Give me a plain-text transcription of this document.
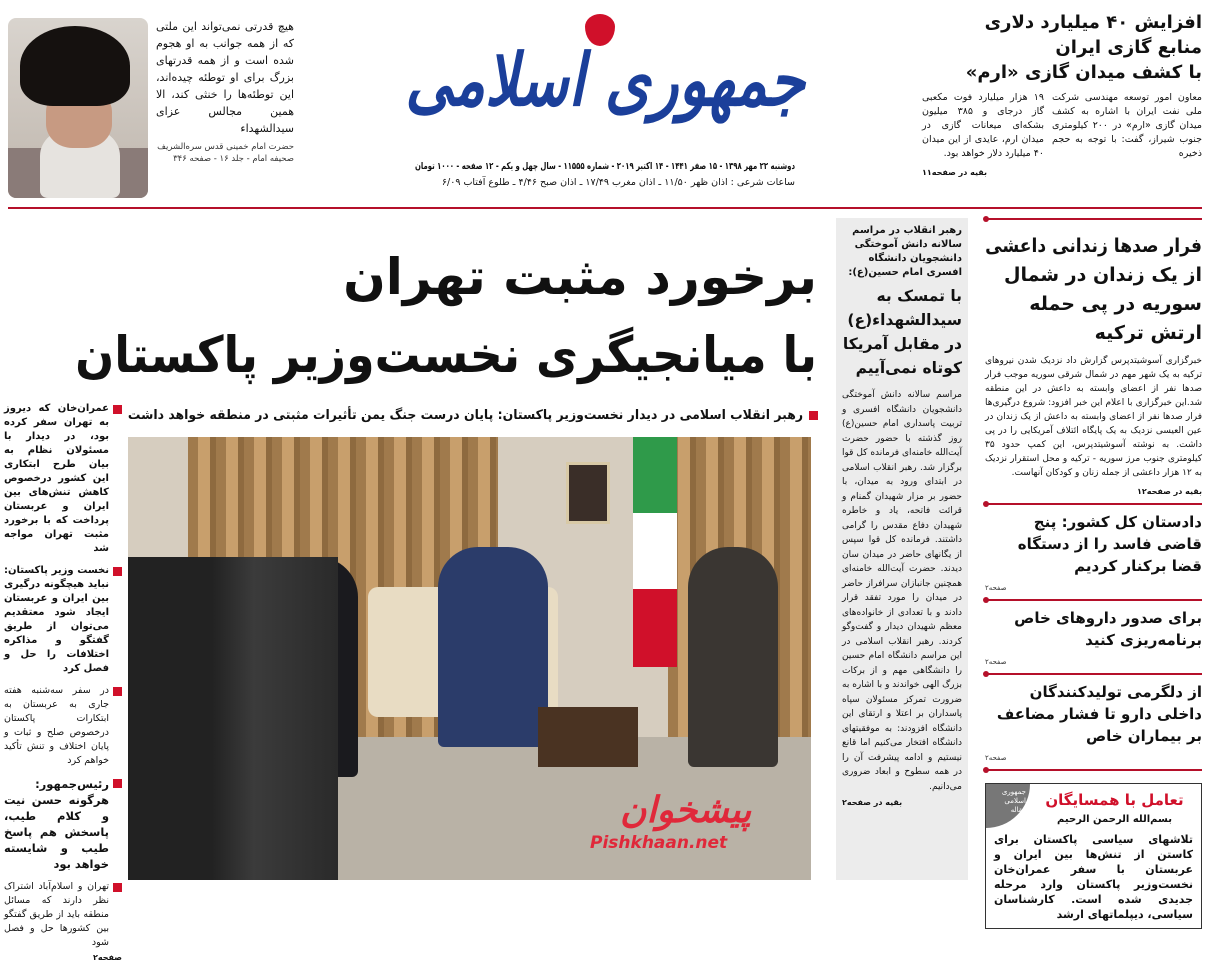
هیچ قدرتی نمی‌تواند این ملتی که از همه جوانب به او هجوم شده است و از همه قدرتهای بزرگ برای او توطئه چیده‌اند، این توطئه‌ها را خنثی کند، الا همین مجالس عزای سیدالشهداء
حضرت امام خمینی قدس سره‌الشریف
صحیفه امام - جلد ۱۶ - صفحه ۳۴۶
جمهوری اسلامی
دوشنبه ۲۲ مهر ۱۳۹۸ - ۱۵ صفر ۱۴۴۱ - ۱۴ اکتبر ۲۰۱۹ - شماره ۱۱۵۵۵ - سال چهل و یکم - ۱۲ صفحه - ۱۰۰۰ تومان
ساعات شرعی : اذان ظهر ۱۱/۵۰ ـ اذان مغرب ۱۷/۴۹ ـ اذان صبح ۴/۴۶ ـ طلوع آفتاب ۶/۰۹
افزایش ۴۰ میلیارد دلاری
منابع گازی ایران
با کشف میدان گازی «ارم»
معاون امور توسعه مهندسی شرکت ملی نفت ایران با اشاره به کشف میدان گازی «ارم» در ۲۰۰ کیلومتری جنوب شیراز، گفت: با توجه به حجم ذخیره
۱۹ هزار میلیارد فوت مکعبی گاز درجای و ۳۸۵ میلیون بشکه‌ای میعانات گازی در میدان ارم، عایدی از این میدان ۴۰ میلیارد دلار خواهد بود.
بقیه در صفحه۱۱
برخورد مثبت تهران
با میانجیگری نخست‌وزیر پاکستان
رهبر انقلاب اسلامی در دیدار نخست‌وزیر پاکستان: پایان درست جنگ یمن تأثیرات مثبتی در منطقه خواهد داشت
عمران‌خان که دیروز به تهران سفر کرده بود، در دیدار با مسئولان نظام به بیان طرح ابتکاری این کشور درخصوص کاهش تنش‌های بین ایران و عربستان پرداخت که با برخورد مثبت تهران مواجه شد
نخست وزیر پاکستان: نباید هیچگونه درگیری بین ایران و عربستان ایجاد شود معتقدیم می‌توان از طریق گفتگو و مذاکره اختلافات را حل و فصل کرد
در سفر سه‌شنبه هفته جاری به عربستان به ابتکارات پاکستان درخصوص صلح و ثبات و پایان اختلاف و تنش تأکید خواهم کرد
رئیس‌جمهور: هرگونه حسن نیت و کلام طیب، پاسخش هم پاسخ طیب و شایسته خواهد بود
تهران و اسلام‌آباد اشتراک نظر دارند که مسائل منطقه باید از طریق گفتگو بین کشورها حل و فصل شود
صفحه۲
رهبر انقلاب در مراسم سالانه دانش آموختگی دانشجویان دانشگاه افسری امام حسین(ع):
با تمسک به سیدالشهداء(ع) در مقابل آمریکا کوتاه نمی‌آییم
مراسم سالانه دانش آموختگی دانشجویان دانشگاه افسری و تربیت پاسداری امام حسین(ع) روز گذشته با حضور حضرت آیت‌الله خامنه‌ای فرمانده کل قوا برگزار شد. رهبر انقلاب اسلامی در ابتدای ورود به میدان، با حضور بر مزار شهیدان گمنام و قرائت فاتحه، یاد و خاطره شهیدان دفاع مقدس را گرامی داشتند. فرمانده کل قوا سپس از یگانهای حاضر در میدان سان دیدند. حضرت آیت‌الله خامنه‌ای همچنین جانبازان سرافراز حاضر در میدان را مورد تفقد قرار دادند و با تعدادی از خانواده‌های معظم شهیدان دیدار و گفت‌وگو کردند. رهبر انقلاب اسلامی در این مراسم دانشگاه امام حسین را دانشگاهی مهم و از برکات بزرگ الهی خواندند و با اشاره به ضرورت تمرکز مسئولان سپاه پاسداران بر اعتلا و ارتقای این دانشگاه افزودند: به موفقیتهای دانشگاه افتخار می‌کنیم اما قانع نیستیم و ادامه پیشرفت آن را در همه سطوح و ابعاد ضروری می‌دانیم.
بقیه در صفحه۲
فرار صدها زندانی داعشی
از یک زندان در شمال
سوریه در پی حمله
ارتش ترکیه
خبرگزاری آسوشیتدپرس گزارش داد نزدیک شدن نیروهای ترکیه به یک شهر مهم در شمال شرقی سوریه موجب فرار صدها نفر از اعضای وابسته به داعش در این منطقه شد.این خبرگزاری با اعلام این خبر افزود: شروع درگیری‌ها فرار صدها نفر از اعضای وابسته به داعش از یک زندان در عین العیسی نزدیک به یک پایگاه ائتلاف آمریکایی را در پی داشت. به نوشته آسوشیتدپرس، این کمپ حدود ۳۵ کیلومتری جنوب مرز سوریه - ترکیه و محل استقرار نزدیک به ۱۲ هزار داعشی از جمله زنان و کودکان آنهاست.
بقیه در صفحه۱۲
دادستان کل کشور: پنج قاضی فاسد را از دستگاه قضا برکنار کردیم
صفحه۲
برای صدور داروهای خاص برنامه‌ریزی کنید
صفحه۲
از دلگرمی تولیدکنندگان داخلی دارو تا فشار مضاعف بر بیماران خاص
صفحه۲
جمهوری اسلامی مقاله
تعامل با همسایگان
بسم‌الله الرحمن الرحیم
تلاشهای سیاسی پاکستان برای کاستن از تنش‌ها بین ایران و عربستان با سفر عمران‌خان نخست‌وزیر پاکستان وارد مرحله جدیدی شده است. کارشناسان سیاسی، دیپلماتهای ارشد
پیشخوان
Pishkhaan.net
